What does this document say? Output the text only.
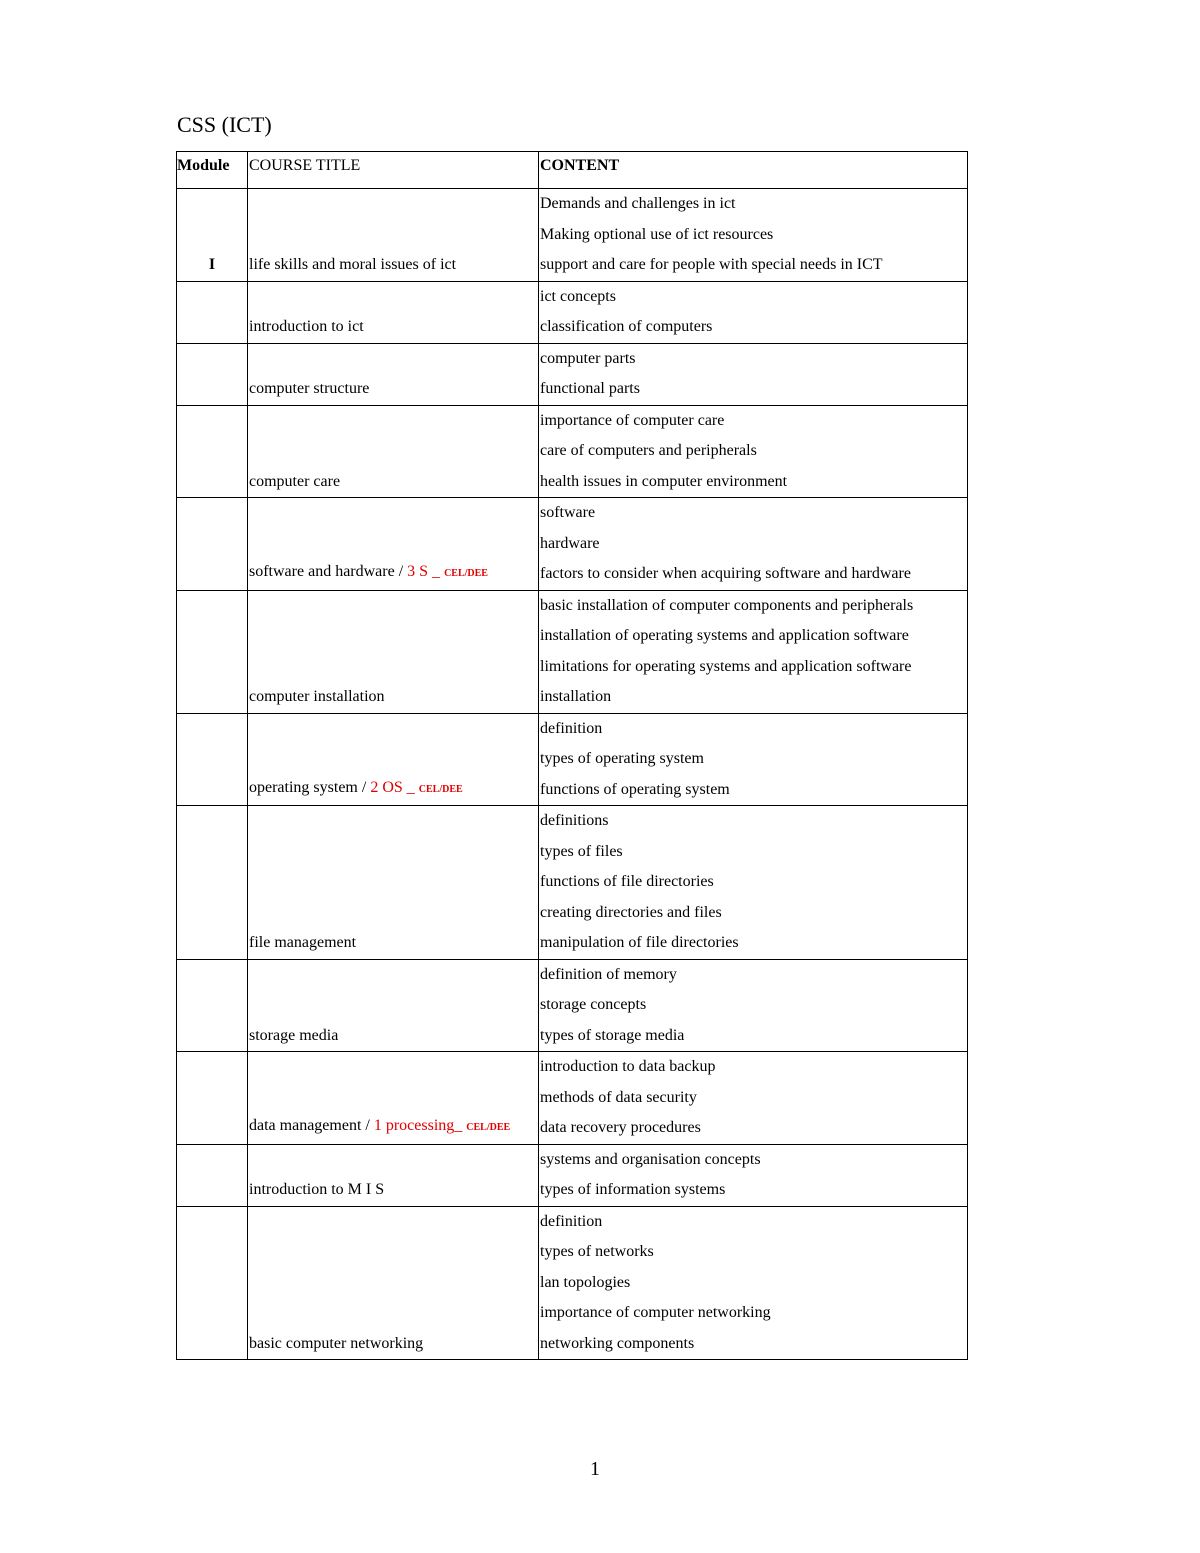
CSS (ICT)
Module	COURSE TITLE	CONTENT
I	life skills and moral issues of ict	Demands and challenges in ict
Making optional use of ict resources
support and care for people with special needs in ICT

	introduction to ict	ict concepts
classification of computers

	computer structure	computer parts
functional parts

	computer care	importance of computer care
care of computers and peripherals
health issues in computer environment

	software and hardware / 3 S _ CEL/DEE	software
hardware
factors to consider when acquiring software and hardware

	computer installation	basic installation of computer components and peripherals
installation of operating systems and application software
limitations for operating systems and application software
installation

	operating system / 2 OS _ CEL/DEE	definition
types of operating system
functions of operating system

	file management	definitions
types of files
functions of file directories
creating directories and files
manipulation of file directories

	storage media	definition of memory
storage concepts
types of storage media

	data management / 1 processing_ CEL/DEE	introduction to data backup
methods of data security
data recovery procedures

	introduction to M I S	systems and organisation concepts
types of information systems

	basic computer networking	definition
types of networks
lan topologies
importance of computer networking
networking components
1
